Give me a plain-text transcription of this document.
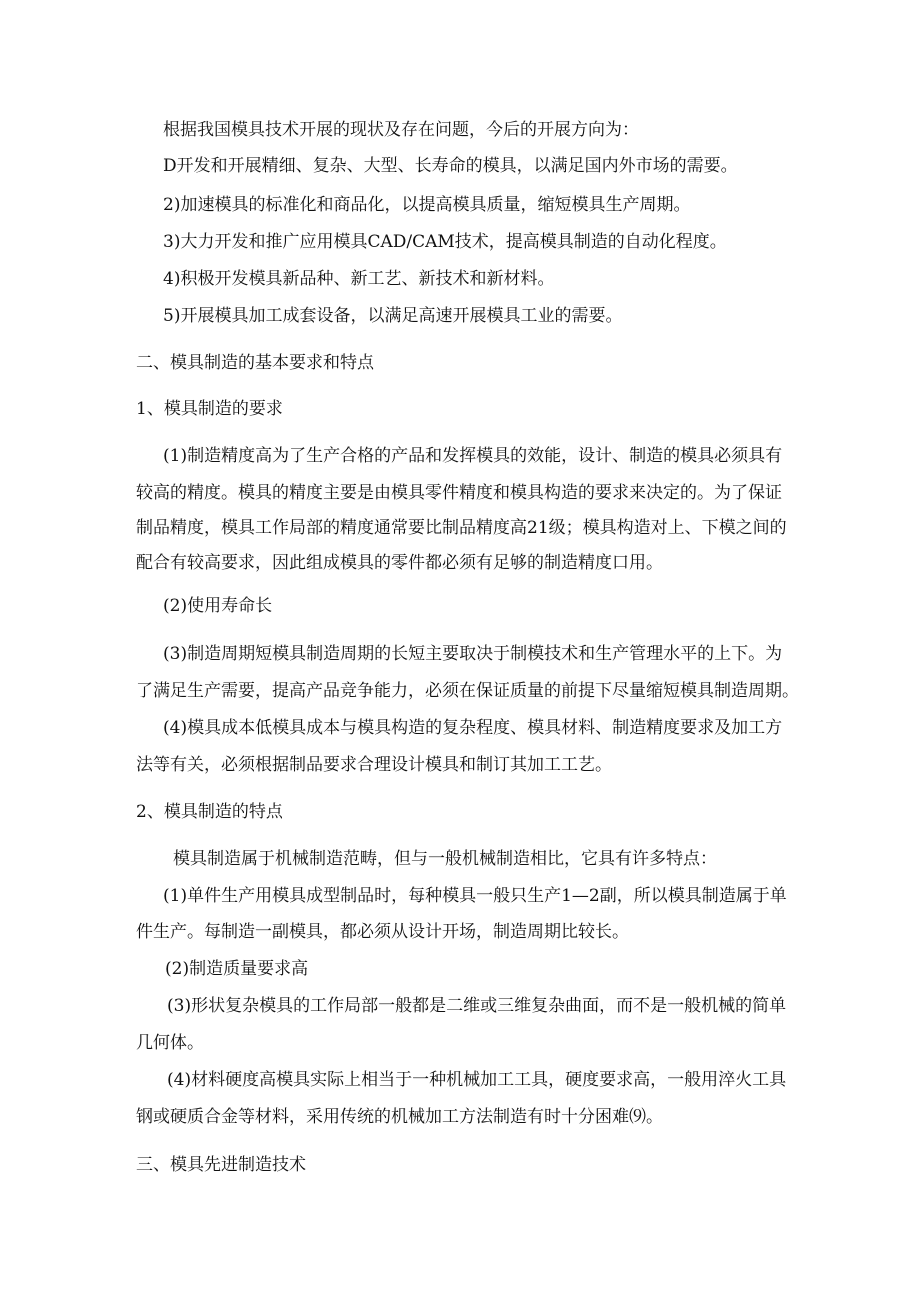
根据我国模具技术开展的现状及存在问题，今后的开展方向为：

D开发和开展精细、复杂、大型、长寿命的模具，以满足国内外市场的需要。

2)加速模具的标准化和商品化，以提高模具质量，缩短模具生产周期。

3)大力开发和推广应用模具CAD/CAM技术，提高模具制造的自动化程度。

4)积极开发模具新品种、新工艺、新技术和新材料。

5)开展模具加工成套设备，以满足高速开展模具工业的需要。

二、模具制造的基本要求和特点

1、模具制造的要求

(1)制造精度高为了生产合格的产品和发挥模具的效能，设计、制造的模具必须具有

较高的精度。模具的精度主要是由模具零件精度和模具构造的要求来决定的。为了保证

制品精度，模具工作局部的精度通常要比制品精度高21级；模具构造对上、下模之间的

配合有较高要求，因此组成模具的零件都必须有足够的制造精度口用。

(2)使用寿命长

(3)制造周期短模具制造周期的长短主要取决于制模技术和生产管理水平的上下。为

了满足生产需要，提高产品竞争能力，必须在保证质量的前提下尽量缩短模具制造周期。

(4)模具成本低模具成本与模具构造的复杂程度、模具材料、制造精度要求及加工方

法等有关，必须根据制品要求合理设计模具和制订其加工工艺。

2、模具制造的特点

模具制造属于机械制造范畴，但与一般机械制造相比，它具有许多特点：

(1)单件生产用模具成型制品时，每种模具一般只生产1—2副，所以模具制造属于单

件生产。每制造一副模具，都必须从设计开场，制造周期比较长。

(2)制造质量要求高

(3)形状复杂模具的工作局部一般都是二维或三维复杂曲面，而不是一般机械的简单

几何体。

(4)材料硬度高模具实际上相当于一种机械加工工具，硬度要求高，一般用淬火工具

钢或硬质合金等材料，采用传统的机械加工方法制造有时十分困难⑼。

三、模具先进制造技术
